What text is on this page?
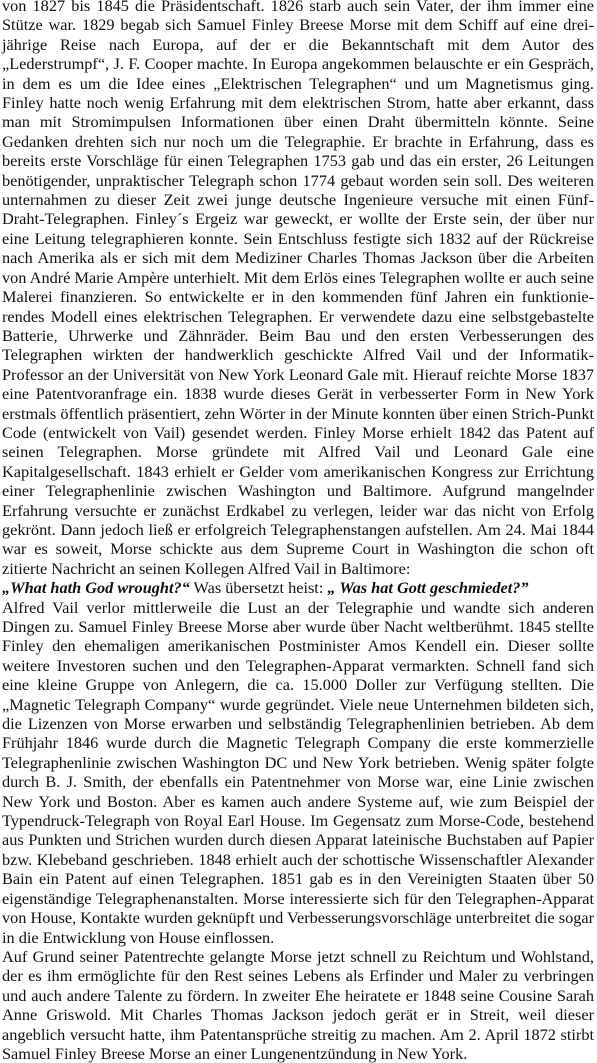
von 1827 bis 1845 die Präsidentschaft. 1826 starb auch sein Vater, der ihm immer eine Stütze war. 1829 begab sich Samuel Finley Breese Morse mit dem Schiff auf eine drei-jährige Reise nach Europa, auf der er die Bekanntschaft mit dem Autor des „Lederstrumpf“, J. F. Cooper machte. In Europa angekommen belauschte er ein Gespräch, in dem es um die Idee eines „Elektrischen Telegraphen“ und um Magnetismus ging. Finley hatte noch wenig Erfahrung mit dem elektrischen Strom, hatte aber erkannt, dass man mit Stromimpulsen Informationen über einen Draht übermitteln könnte. Seine Gedanken drehten sich nur noch um die Telegraphie. Er brachte in Erfahrung, dass es bereits erste Vorschläge für einen Telegraphen 1753 gab und das ein erster, 26 Leitungen benötigender, unpraktischer Telegraph schon 1774 gebaut worden sein soll. Des weiteren unternahmen zu dieser Zeit zwei junge deutsche Ingenieure versuche mit einen Fünf-Draht-Telegraphen. Finley´s Ergeiz war geweckt, er wollte der Erste sein, der über nur eine Leitung telegraphieren konnte. Sein Entschluss festigte sich 1832 auf der Rückreise nach Amerika als er sich mit dem Mediziner Charles Thomas Jackson über die Arbeiten von André Marie Ampère unterhielt. Mit dem Erlös eines Telegraphen wollte er auch seine Malerei finanzieren. So entwickelte er in den kommenden fünf Jahren ein funktionierendes Modell eines elektrischen Telegraphen. Er verwendete dazu eine selbstgebastelte Batterie, Uhrwerke und Zähnräder. Beim Bau und den ersten Verbesserungen des Telegraphen wirkten der handwerklich geschickte Alfred Vail und der Informatik-Professor an der Universität von New York Leonard Gale mit. Hierauf reichte Morse 1837 eine Patentvoranfrage ein. 1838 wurde dieses Gerät in verbesserter Form in New York erstmals öffentlich präsentiert, zehn Wörter in der Minute konnten über einen Strich-Punkt Code (entwickelt von Vail) gesendet werden. Finley Morse erhielt 1842 das Patent auf seinen Telegraphen. Morse gründete mit Alfred Vail und Leonard Gale eine Kapitalgesellschaft. 1843 erhielt er Gelder vom amerikanischen Kongress zur Errichtung einer Telegraphenlinie zwischen Washington und Baltimore. Aufgrund mangelnder Erfahrung versuchte er zunächst Erdkabel zu verlegen, leider war das nicht von Erfolg gekrönt. Dann jedoch ließ er erfolgreich Telegraphenstangen aufstellen. Am 24. Mai 1844 war es soweit, Morse schickte aus dem Supreme Court in Washington die schon oft zitierte Nachricht an seinen Kollegen Alfred Vail in Baltimore:
„What hath God wrought?“ Was übersetzt heist: „ Was hat Gott geschmiedet?”

Alfred Vail verlor mittlerweile die Lust an der Telegraphie und wandte sich anderen Dingen zu. Samuel Finley Breese Morse aber wurde über Nacht weltberühmt. 1845 stellte Finley den ehemaligen amerikanischen Postminister Amos Kendell ein. Dieser sollte weitere Investoren suchen und den Telegraphen-Apparat vermarkten. Schnell fand sich eine kleine Gruppe von Anlegern, die ca. 15.000 Doller zur Verfügung stellten. Die „Magnetic Telegraph Company“ wurde gegründet. Viele neue Unternehmen bildeten sich, die Lizenzen von Morse erwarben und selbständig Telegraphenlinien betrieben. Ab dem Frühjahr 1846 wurde durch die Magnetic Telegraph Company die erste kommerzielle Telegraphenlinie zwischen Washington DC und New York betrieben. Wenig später folgte durch B. J. Smith, der ebenfalls ein Patentnehmer von Morse war, eine Linie zwischen New York und Boston. Aber es kamen auch andere Systeme auf, wie zum Beispiel der Typendruck-Telegraph von Royal Earl House. Im Gegensatz zum Morse-Code, bestehend aus Punkten und Strichen wurden durch diesen Apparat lateinische Buchstaben auf Papier bzw. Klebeband geschrieben. 1848 erhielt auch der schottische Wissenschaftler Alexander Bain ein Patent auf einen Telegraphen. 1851 gab es in den Vereinigten Staaten über 50 eigenständige Telegraphenanstalten. Morse interessierte sich für den Telegraphen-Apparat von House, Kontakte wurden geknüpft und Verbesserungsvorschläge unterbreitet die sogar in die Entwicklung von House einflossen.

Auf Grund seiner Patentrechte gelangte Morse jetzt schnell zu Reichtum und Wohlstand, der es ihm ermöglichte für den Rest seines Lebens als Erfinder und Maler zu verbringen und auch andere Talente zu fördern. In zweiter Ehe heiratete er 1848 seine Cousine Sarah Anne Griswold. Mit Charles Thomas Jackson jedoch gerät er in Streit, weil dieser angeblich versucht hatte, ihm Patentansprüche streitig zu machen. Am 2. April 1872 stirbt Samuel Finley Breese Morse an einer Lungenentzündung in New York.
